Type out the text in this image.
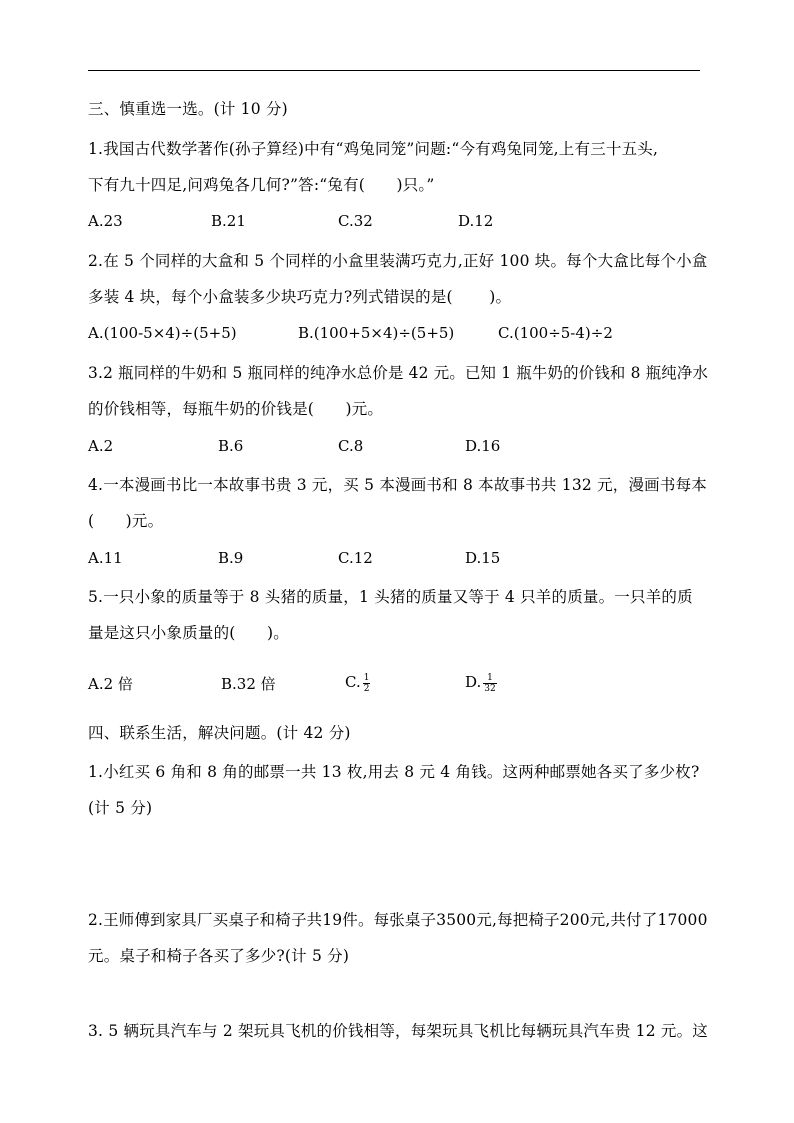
三、慎重选一选。(计 10 分)
1.我国古代数学著作(孙子算经)中有“鸡兔同笼”问题:“今有鸡兔同笼,上有三十五头,
下有九十四足,问鸡兔各几何?”答:“兔有(　　)只。”
A.23	B.21	C.32	D.12
2.在 5 个同样的大盒和 5 个同样的小盒里装满巧克力,正好 100 块。每个大盒比每个小盒
多装 4 块，每个小盒装多少块巧克力?列式错误的是(　　 )。
A.(100-5×4)÷(5+5)	B.(100+5×4)÷(5+5)	C.(100÷5-4)÷2
3.2 瓶同样的牛奶和 5 瓶同样的纯净水总价是 42 元。已知 1 瓶牛奶的价钱和 8 瓶纯净水
的价钱相等，每瓶牛奶的价钱是(　　)元。
A.2	B.6	C.8	D.16
4.一本漫画书比一本故事书贵 3 元，买 5 本漫画书和 8 本故事书共 132 元，漫画书每本
(　　)元。
A.11	B.9	C.12	D.15
5.一只小象的质量等于 8 头猪的质量，1 头猪的质量又等于 4 只羊的质量。一只羊的质
量是这只小象质量的(　　)。
A.2 倍	B.32 倍	C. $\frac{1}{2}$	D. $\frac{1}{32}$
四、联系生活，解决问题。(计 42 分)
1.小红买 6 角和 8 角的邮票一共 13 枚,用去 8 元 4 角钱。这两种邮票她各买了多少枚?
(计 5 分)
2.王师傅到家具厂买桌子和椅子共19件。每张桌子3500元,每把椅子200元,共付了17000
元。桌子和椅子各买了多少?(计 5 分)
3. 5 辆玩具汽车与 2 架玩具飞机的价钱相等，每架玩具飞机比每辆玩具汽车贵 12 元。这
